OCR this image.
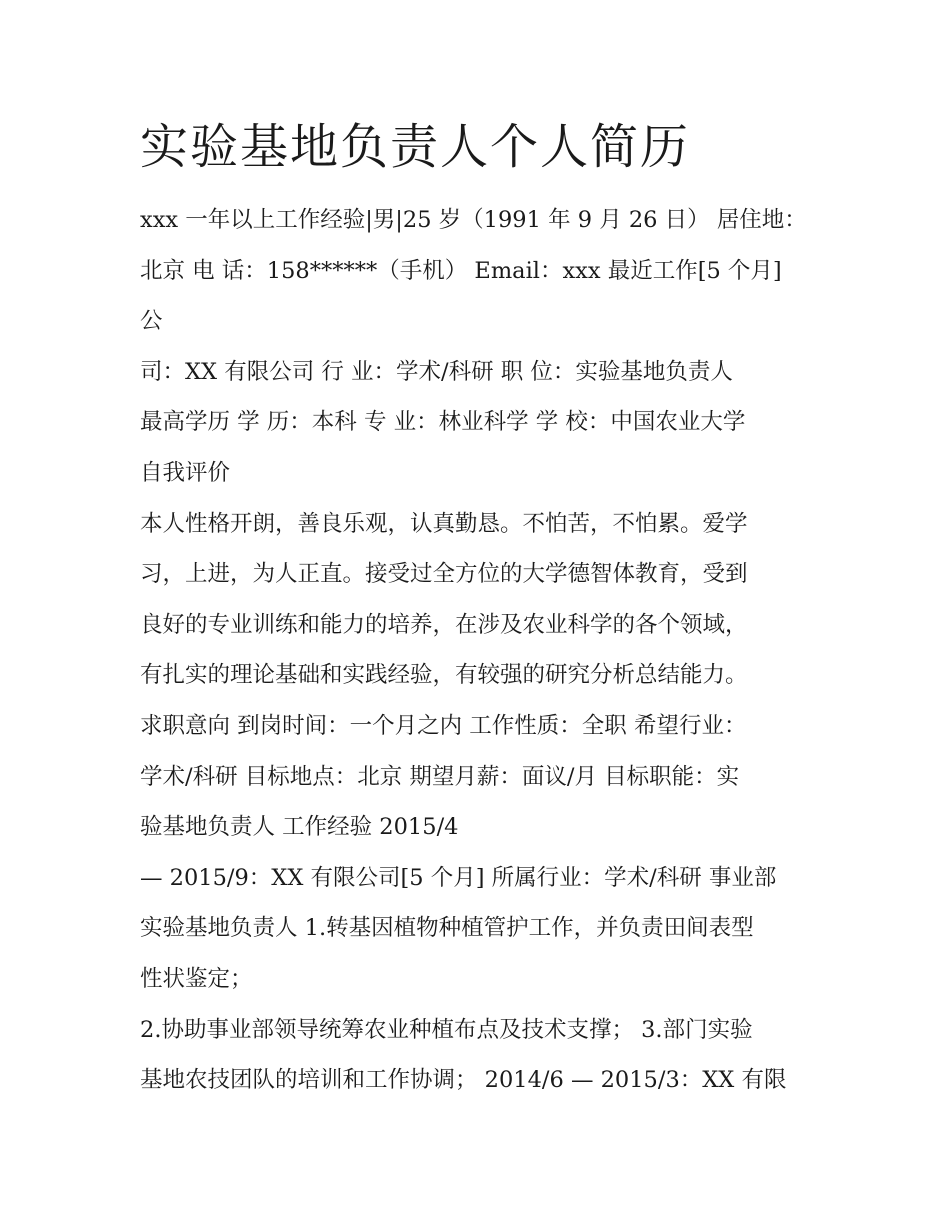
实验基地负责人个人简历

xxx 一年以上工作经验|男|25 岁（1991 年 9 月 26 日） 居住地：

北京 电 话：158******（手机） Email：xxx 最近工作[5 个月]

公

司：XX 有限公司 行 业：学术/科研 职 位：实验基地负责人

最高学历 学 历：本科 专 业：林业科学 学 校：中国农业大学

自我评价

本人性格开朗，善良乐观，认真勤恳。不怕苦，不怕累。爱学

习，上进，为人正直。接受过全方位的大学德智体教育，受到

良好的专业训练和能力的培养，在涉及农业科学的各个领域，

有扎实的理论基础和实践经验，有较强的研究分析总结能力。

求职意向 到岗时间：一个月之内 工作性质：全职 希望行业：

学术/科研 目标地点：北京 期望月薪：面议/月 目标职能：实

验基地负责人 工作经验 2015/4

— 2015/9：XX 有限公司[5 个月] 所属行业：学术/科研 事业部

实验基地负责人 1.转基因植物种植管护工作，并负责田间表型

性状鉴定；

2.协助事业部领导统筹农业种植布点及技术支撑； 3.部门实验

基地农技团队的培训和工作协调； 2014/6 — 2015/3：XX 有限
